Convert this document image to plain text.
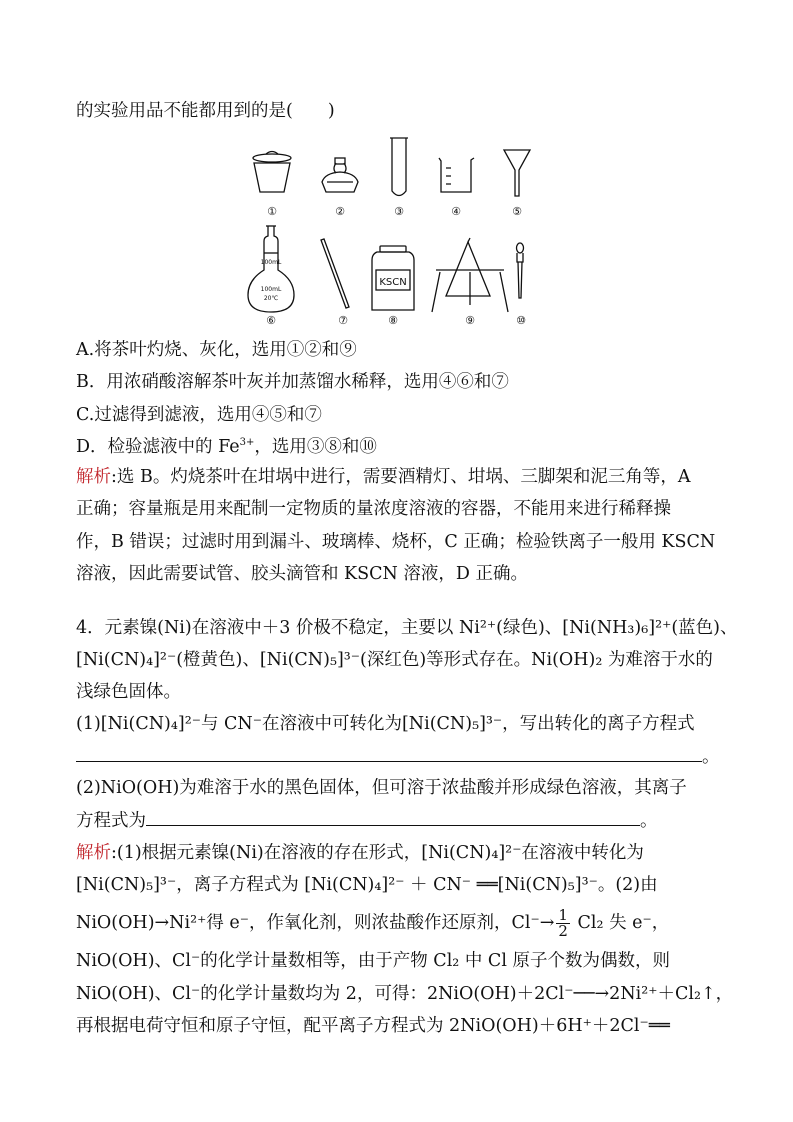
的实验用品不能都用到的是(　　)
100mL
100mL
20℃
KSCN
①	②	③	④	⑤
⑥	⑦	⑧	⑨	⑩
A.将茶叶灼烧、灰化，选用①②和⑨
B．用浓硝酸溶解茶叶灰并加蒸馏水稀释，选用④⑥和⑦
C.过滤得到滤液，选用④⑤和⑦
D．检验滤液中的 $Fe^{3+}$，选用③⑧和⑩
解析:选 B。灼烧茶叶在坩埚中进行，需要酒精灯、坩埚、三脚架和泥三角等，A
正确；容量瓶是用来配制一定物质的量浓度溶液的容器，不能用来进行稀释操
作，B 错误；过滤时用到漏斗、玻璃棒、烧杯，C 正确；检验铁离子一般用 KSCN
溶液，因此需要试管、胶头滴管和 KSCN 溶液，D 正确。
4．元素镍(Ni)在溶液中＋3 价极不稳定，主要以 Ni²⁺(绿色)、[Ni(NH₃)₆]²⁺(蓝色)、
[Ni(CN)₄]²⁻(橙黄色)、[Ni(CN)₅]³⁻(深红色)等形式存在。Ni(OH)₂ 为难溶于水的
浅绿色固体。
(1)[Ni(CN)₄]²⁻与 CN⁻在溶液中可转化为[Ni(CN)₅]³⁻，写出转化的离子方程式
。
(2)NiO(OH)为难溶于水的黑色固体，但可溶于浓盐酸并形成绿色溶液，其离子
方程式为	。
解析:(1)根据元素镍(Ni)在溶液的存在形式，[Ni(CN)₄]²⁻在溶液中转化为
[Ni(CN)₅]³⁻，离子方程式为 [Ni(CN)₄]²⁻ ＋ CN⁻ ══[Ni(CN)₅]³⁻。(2)由
NiO(OH)→Ni²⁺得 e⁻，作氧化剂，则浓盐酸作还原剂，$Cl^-\to \frac{1}{2} Cl_2$ 失 e⁻，
NiO(OH)、Cl⁻的化学计量数相等，由于产物 Cl₂ 中 Cl 原子个数为偶数，则
NiO(OH)、Cl⁻的化学计量数均为 2，可得：2NiO(OH)＋2Cl⁻──→2Ni²⁺＋Cl₂↑，
再根据电荷守恒和原子守恒，配平离子方程式为 2NiO(OH)＋6H⁺＋2Cl⁻══
